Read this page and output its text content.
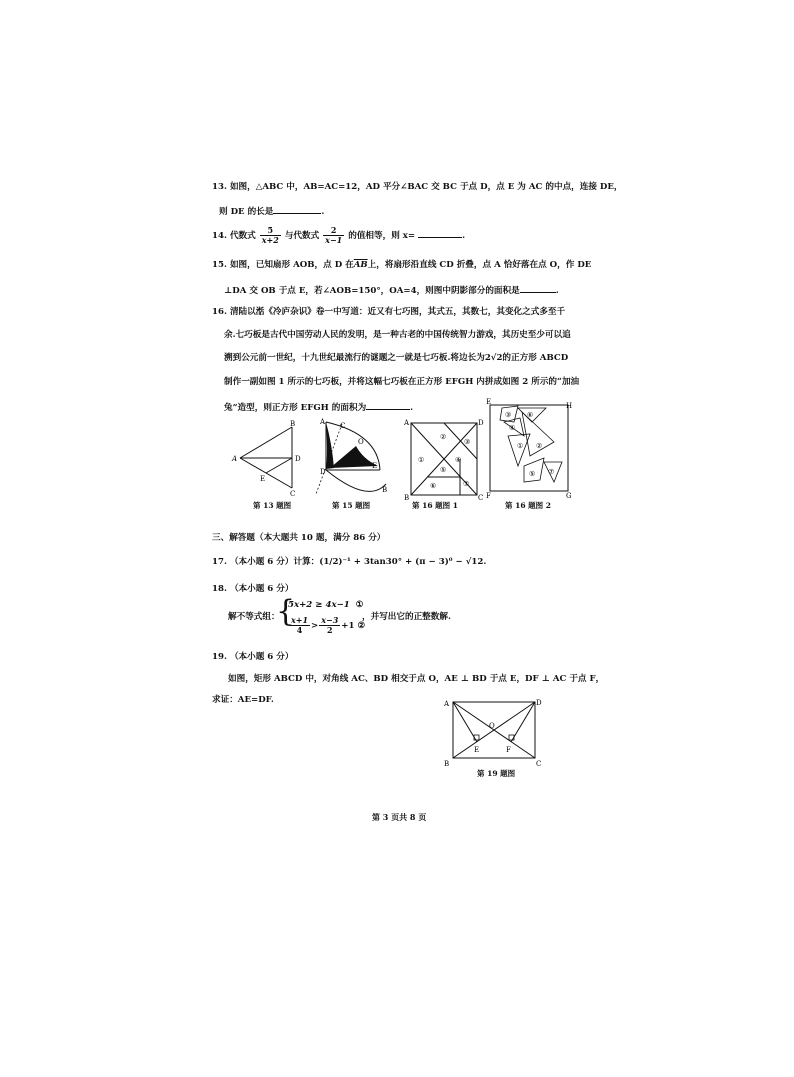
13. 如图，△ABC 中，AB=AC=12，AD 平分∠BAC 交 BC 于点 D，点 E 为 AC 的中点，连接 DE，
则 DE 的长是	.
14. 代数式 $\frac{5}{x+2}$ 与代数式 $\frac{2}{x-1}$ 的值相等，则 x=	.
15. 如图，已知扇形 AOB，点 D 在$\overline{AB}$上，将扇形沿直线 CD 折叠，点 A 恰好落在点 O，作 DE
⊥DA 交 OB 于点 E，若∠AOB=150°，OA=4，则图中阴影部分的面积是	.
16. 清陆以湉《冷庐杂识》卷一中写道：近又有七巧图，其式五，其数七，其变化之式多至千
余.七巧板是古代中国劳动人民的发明，是一种古老的中国传统智力游戏，其历史至少可以追
溯到公元前一世纪，十九世纪最流行的谜题之一就是七巧板.将边长为2√2的正方形 ABCD
制作一副如图 1 所示的七巧板，并将这幅七巧板在正方形 EFGH 内拼成如图 2 所示的“加油
兔”造型，则正方形 EFGH 的面积为	.
A
B
C
D
E
第 13 题图
A C
O
D
E
B
第 15 题图
A
B	C
D
①
②
③
④
⑤
⑥	⑦
第 16 题图 1
E	H
F	G
③ ⑥
④
②
①
⑤ ⑦
第 16 题图 2
三、解答题（本大题共 10 题，满分 86 分）
17. （本小题 6 分）计算：(1/2)⁻¹ + 3tan30° + (π − 3)⁰ − √12.
18. （本小题 6 分）
解不等式组：
{
5x+2 ≥ 4x−1 ①
$\frac{x+1}{4} > \frac{x-3}{2} +1$ ②
，并写出它的正整数解.
19. （本小题 6 分）
如图，矩形 ABCD 中，对角线 AC、BD 相交于点 O，AE ⊥ BD 于点 E，DF ⊥ AC 于点 F，
求证：AE=DF.	A	D
B	C
O
E	F
第 19 题图
第 3 页共 8 页
